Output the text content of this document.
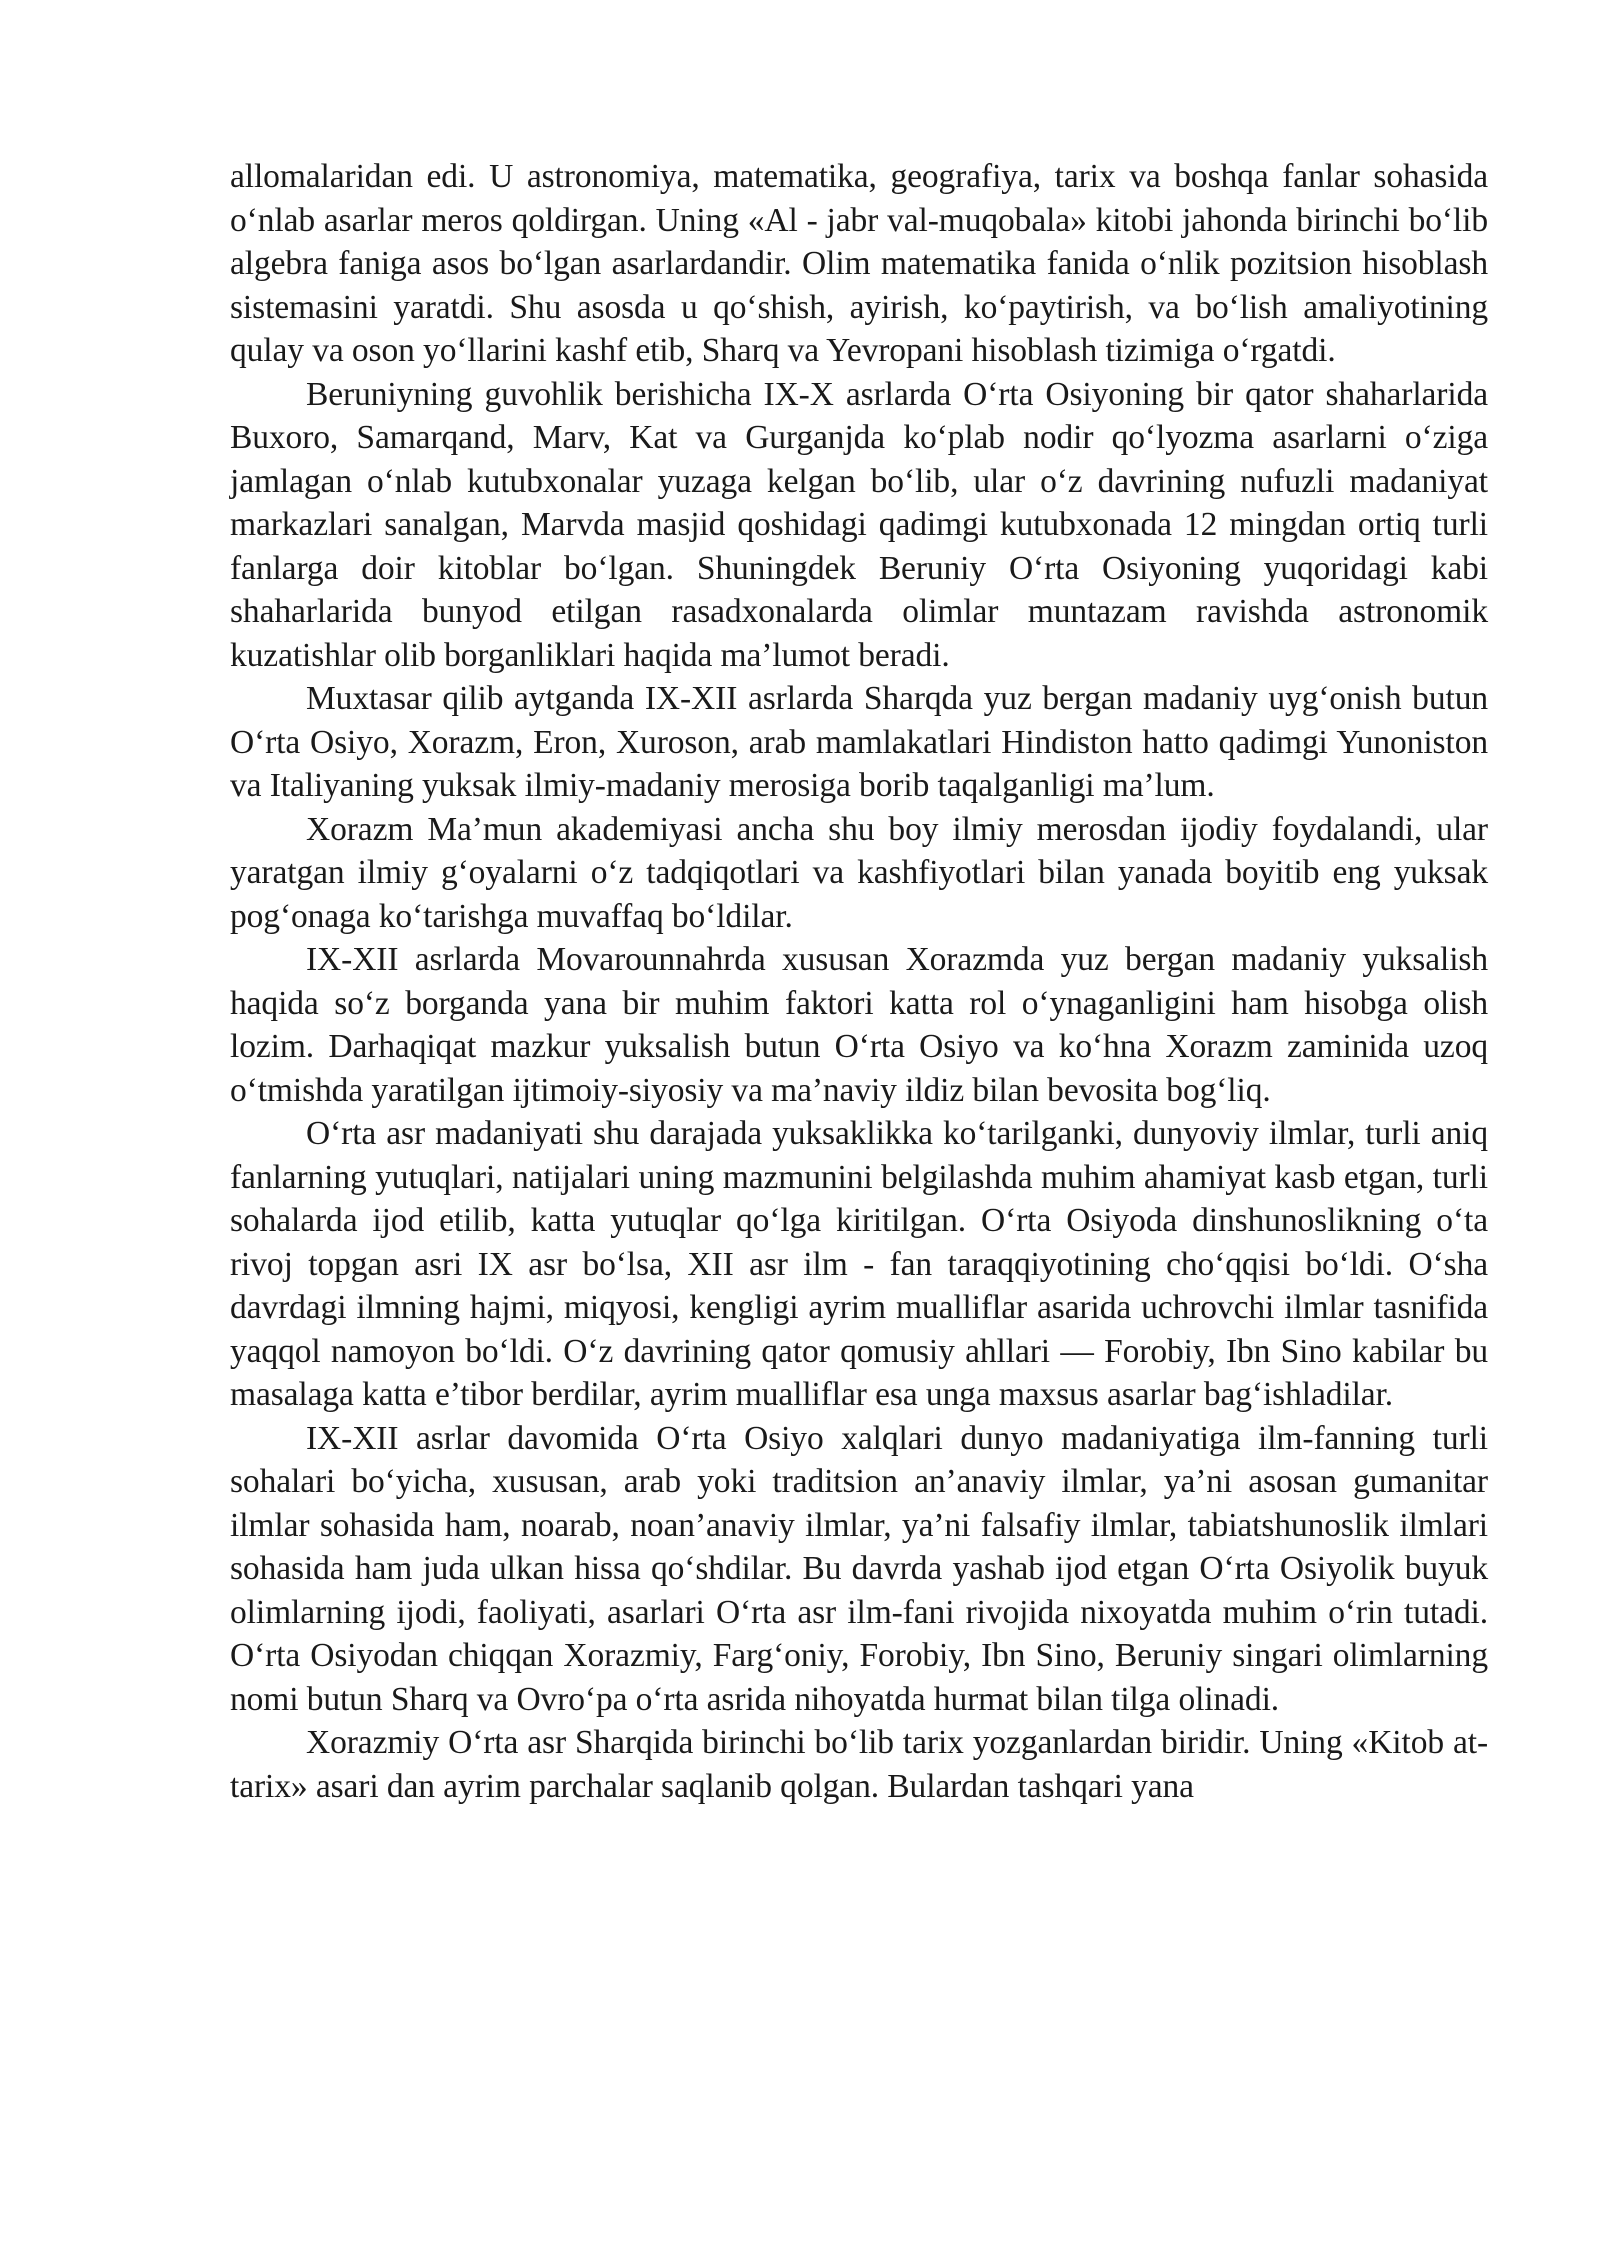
allomalaridan edi. U astronomiya, matematika, geografiya, tarix va boshqa fanlar sohasida oʻnlab asarlar meros qoldirgan. Uning «Al - jabr val-muqobala» kitobi jahonda birinchi boʻlib algebra faniga asos boʻlgan asarlardandir. Olim matematika fanida oʻnlik pozitsion hisoblash sistemasini yaratdi. Shu asosda u qoʻshish, ayirish, koʻpaytirish, va boʻlish amaliyotining qulay va oson yoʻllarini kashf etib, Sharq va Yevropani hisoblash tizimiga oʻrgatdi.

Beruniyning guvohlik berishicha IX-X asrlarda Oʻrta Osiyoning bir qator shaharlarida Buxoro, Samarqand, Marv, Kat va Gurganjda koʻplab nodir qoʻlyozma asarlarni oʻziga jamlagan oʻnlab kutubxonalar yuzaga kelgan boʻlib, ular oʻz davrining nufuzli madaniyat markazlari sanalgan, Marvda masjid qoshidagi qadimgi kutubxonada 12 mingdan ortiq turli fanlarga doir kitoblar boʻlgan. Shuningdek Beruniy Oʻrta Osiyoning yuqoridagi kabi shaharlarida bunyod etilgan rasadxonalarda olimlar muntazam ravishda astronomik kuzatishlar olib borganliklari haqida ma’lumot beradi.

Muxtasar qilib aytganda IX-XII asrlarda Sharqda yuz bergan madaniy uygʻonish butun Oʻrta Osiyo, Xorazm, Eron, Xuroson, arab mamlakatlari Hindiston hatto qadimgi Yunoniston va Italiyaning yuksak ilmiy-madaniy merosiga borib taqalganligi ma’lum.

Xorazm Ma’mun akademiyasi ancha shu boy ilmiy merosdan ijodiy foydalandi, ular yaratgan ilmiy gʻoyalarni oʻz tadqiqotlari va kashfiyotlari bilan yanada boyitib eng yuksak pogʻonaga koʻtarishga muvaffaq boʻldilar.

IX-XII asrlarda Movarounnahrda xususan Xorazmda yuz bergan madaniy yuksalish haqida soʻz borganda yana bir muhim faktori katta rol oʻynaganligini ham hisobga olish lozim. Darhaqiqat mazkur yuksalish butun Oʻrta Osiyo va koʻhna Xorazm zaminida uzoq oʻtmishda yaratilgan ijtimoiy-siyosiy va ma’naviy ildiz bilan bevosita bogʻliq.

Oʻrta asr madaniyati shu darajada yuksaklikka koʻtarilganki, dunyoviy ilmlar, turli aniq fanlarning yutuqlari, natijalari uning mazmunini belgilashda muhim ahamiyat kasb etgan, turli sohalarda ijod etilib, katta yutuqlar qoʻlga kiritilgan. Oʻrta Osiyoda dinshunoslikning oʻta rivoj topgan asri IX asr boʻlsa, XII asr ilm - fan taraqqiyotining choʻqqisi boʻldi. Oʻsha davrdagi ilmning hajmi, miqyosi, kengligi ayrim mualliflar asarida uchrovchi ilmlar tasnifida yaqqol namoyon boʻldi. Oʻz davrining qator qomusiy ahllari — Forobiy, Ibn Sino kabilar bu masalaga katta e’tibor berdilar, ayrim mualliflar esa unga maxsus asarlar bagʻishladilar.

IX-XII asrlar davomida Oʻrta Osiyo xalqlari dunyo madaniyatiga ilm-fanning turli sohalari boʻyicha, xususan, arab yoki traditsion an’anaviy ilmlar, ya’ni asosan gumanitar ilmlar sohasida ham, noarab, noan’anaviy ilmlar, ya’ni falsafiy ilmlar, tabiatshunoslik ilmlari sohasida ham juda ulkan hissa qoʻshdilar. Bu davrda yashab ijod etgan Oʻrta Osiyolik buyuk olimlarning ijodi, faoliyati, asarlari Oʻrta asr ilm-fani rivojida nixoyatda muhim oʻrin tutadi. Oʻrta Osiyodan chiqqan Xorazmiy, Fargʻoniy, Forobiy, Ibn Sino, Beruniy singari olimlarning nomi butun Sharq va Ovroʻpa oʻrta asrida nihoyatda hurmat bilan tilga olinadi.

Xorazmiy Oʻrta asr Sharqida birinchi boʻlib tarix yozganlardan biridir. Uning «Kitob at-tarix» asari dan ayrim parchalar saqlanib qolgan. Bulardan tashqari yana
